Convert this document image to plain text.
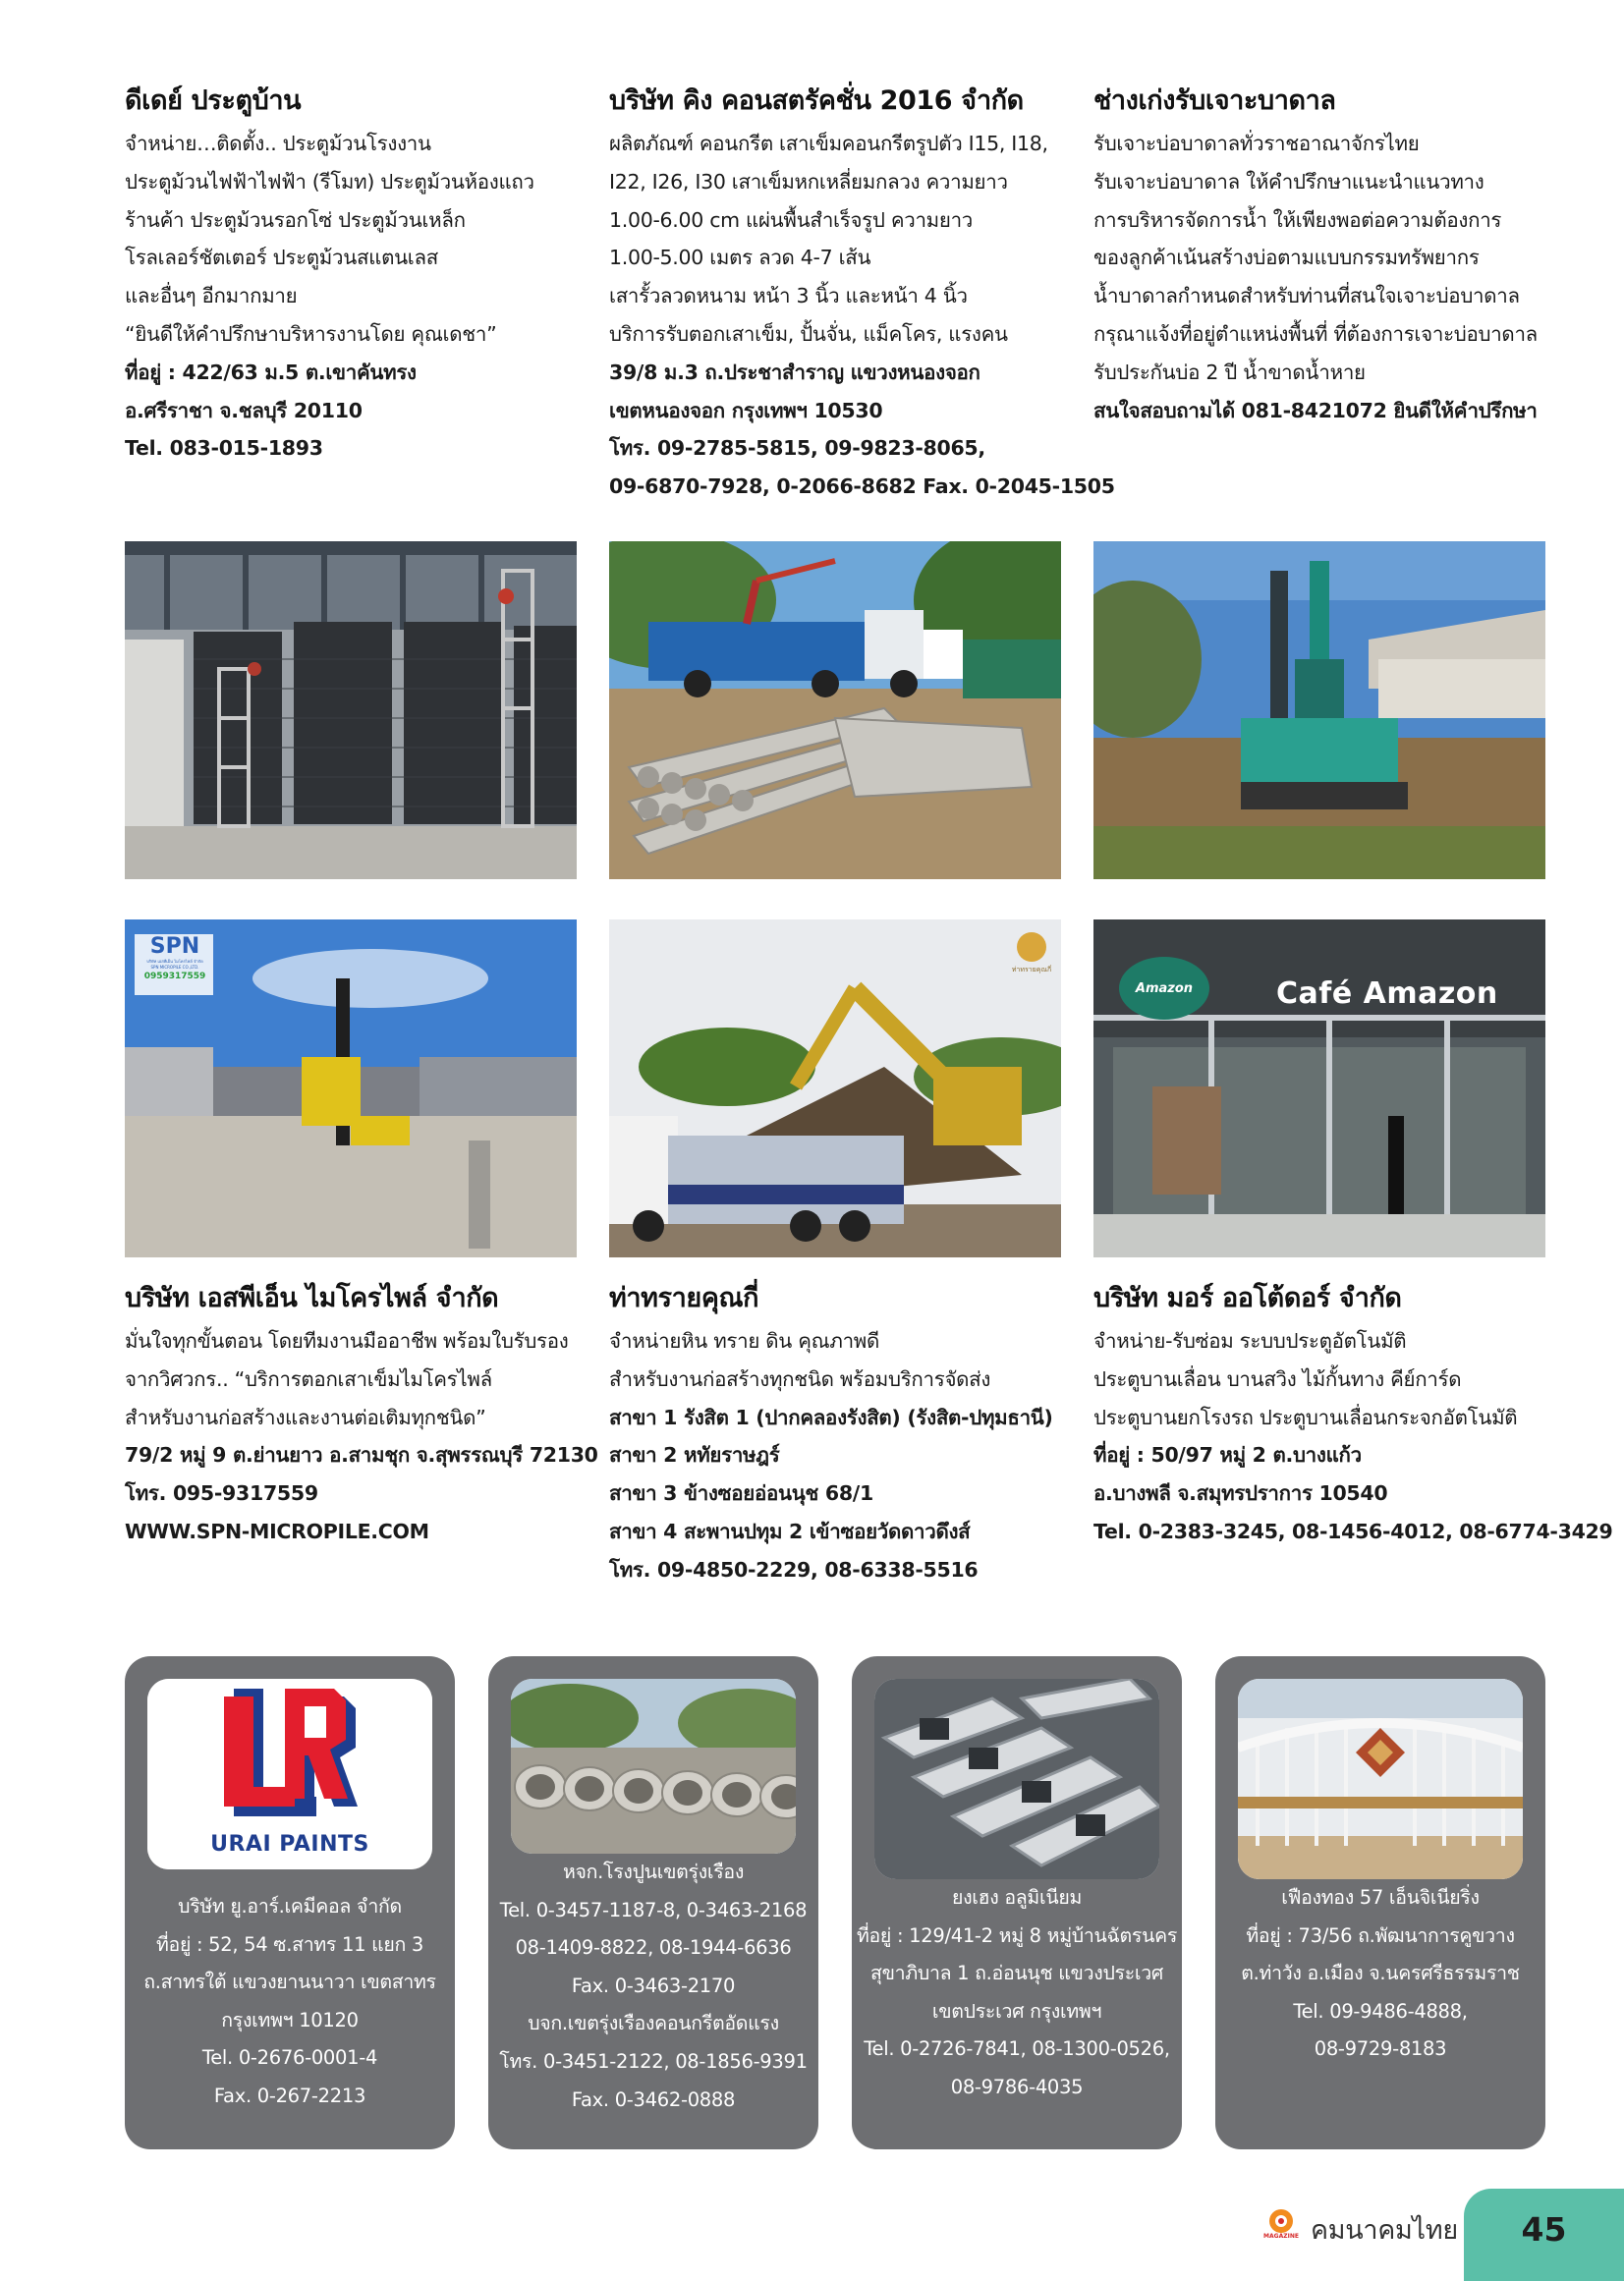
ดีเดย์ ประตูบ้าน
จำหน่าย…ติดตั้ง.. ประตูม้วนโรงงาน
ประตูม้วนไฟฟ้าไฟฟ้า (รีโมท) ประตูม้วนห้องแถว
ร้านค้า ประตูม้วนรอกโซ่ ประตูม้วนเหล็ก
โรลเลอร์ชัตเตอร์ ประตูม้วนสแตนเลส
และอื่นๆ อีกมากมาย
“ยินดีให้คำปรึกษาบริหารงานโดย คุณเดชา”
ที่อยู่ : 422/63 ม.5 ต.เขาคันทรง
อ.ศรีราชา จ.ชลบุรี 20110
Tel. 083-015-1893
บริษัท คิง คอนสตรัคชั่น 2016 จำกัด
ผลิตภัณฑ์ คอนกรีต เสาเข็มคอนกรีตรูปตัว I15, I18,
I22, I26, I30 เสาเข็มหกเหลี่ยมกลวง ความยาว
1.00-6.00 cm แผ่นพื้นสำเร็จรูป ความยาว
1.00-5.00 เมตร ลวด 4-7 เส้น
เสารั้วลวดหนาม หน้า 3 นิ้ว และหน้า 4 นิ้ว
บริการรับตอกเสาเข็ม, ปั้นจั่น, แม็คโคร, แรงคน
39/8 ม.3 ถ.ประชาสำราญ แขวงหนองจอก
เขตหนองจอก กรุงเทพฯ 10530
โทร. 09-2785-5815, 09-9823-8065,
09-6870-7928, 0-2066-8682 Fax. 0-2045-1505
ช่างเก่งรับเจาะบาดาล
รับเจาะบ่อบาดาลทั่วราชอาณาจักรไทย
รับเจาะบ่อบาดาล ให้คำปรึกษาแนะนำแนวทาง
การบริหารจัดการน้ำ ให้เพียงพอต่อความต้องการ
ของลูกค้าเน้นสร้างบ่อตามแบบกรรมทรัพยากร
น้ำบาดาลกำหนดสำหรับท่านที่สนใจเจาะบ่อบาดาล
กรุณาแจ้งที่อยู่ตำแหน่งพื้นที่ ที่ต้องการเจาะบ่อบาดาล
รับประกันบ่อ 2 ปี น้ำขาดน้ำหาย
สนใจสอบถามได้ 081-8421072 ยินดีให้คำปรึกษา
SPN
บริษัท เอสพีเอ็น ไมโครไพล์ จำกัด
SPN MICROPILE CO.,LTD.
0959317559
ท่าทรายคุณกี่
Amazon	Café Amazon
บริษัท เอสพีเอ็น ไมโครไพล์ จำกัด
มั่นใจทุกขั้นตอน โดยทีมงานมืออาชีพ พร้อมใบรับรอง
จากวิศวกร.. “บริการตอกเสาเข็มไมโครไพล์
สำหรับงานก่อสร้างและงานต่อเติมทุกชนิด”
79/2 หมู่ 9 ต.ย่านยาว อ.สามชุก จ.สุพรรณบุรี 72130
โทร. 095-9317559
WWW.SPN-MICROPILE.COM
ท่าทรายคุณกี่
จำหน่ายหิน ทราย ดิน คุณภาพดี
สำหรับงานก่อสร้างทุกชนิด พร้อมบริการจัดส่ง
สาขา 1 รังสิต 1 (ปากคลองรังสิต) (รังสิต-ปทุมธานี)
สาขา 2 หทัยราษฎร์
สาขา 3 ข้างซอยอ่อนนุช 68/1
สาขา 4 สะพานปทุม 2 เข้าซอยวัดดาวดึงส์
โทร. 09-4850-2229, 08-6338-5516
บริษัท มอร์ ออโต้ดอร์ จำกัด
จำหน่าย-รับซ่อม ระบบประตูอัตโนมัติ
ประตูบานเลื่อน บานสวิง ไม้กั้นทาง คีย์การ์ด
ประตูบานยกโรงรถ ประตูบานเลื่อนกระจกอัตโนมัติ
ที่อยู่ : 50/97 หมู่ 2 ต.บางแก้ว
อ.บางพลี จ.สมุทรปราการ 10540
Tel. 0-2383-3245, 08-1456-4012, 08-6774-3429
URAI PAINTS
บริษัท ยู.อาร์.เคมีคอล จำกัด
ที่อยู่ : 52, 54 ซ.สาทร 11 แยก 3
ถ.สาทรใต้ แขวงยานนาวา เขตสาทร
กรุงเทพฯ 10120
Tel. 0-2676-0001-4
Fax. 0-267-2213
หจก.โรงปูนเขตรุ่งเรือง
Tel. 0-3457-1187-8, 0-3463-2168
08-1409-8822, 08-1944-6636
Fax. 0-3463-2170
บจก.เขตรุ่งเรืองคอนกรีตอัดแรง
โทร. 0-3451-2122, 08-1856-9391
Fax. 0-3462-0888
ยงเฮง อลูมิเนียม
ที่อยู่ : 129/41-2 หมู่ 8 หมู่บ้านฉัตรนคร
สุขาภิบาล 1 ถ.อ่อนนุช แขวงประเวศ
เขตประเวศ กรุงเทพฯ
Tel. 0-2726-7841, 08-1300-0526,
08-9786-4035
เฟืองทอง 57 เอ็นจิเนียริ่ง
ที่อยู่ : 73/56 ถ.พัฒนาการคูขวาง
ต.ท่าวัง อ.เมือง จ.นครศรีธรรมราช
Tel. 09-9486-4888,
08-9729-8183
MAGAZINE คมนาคมไทย	45
